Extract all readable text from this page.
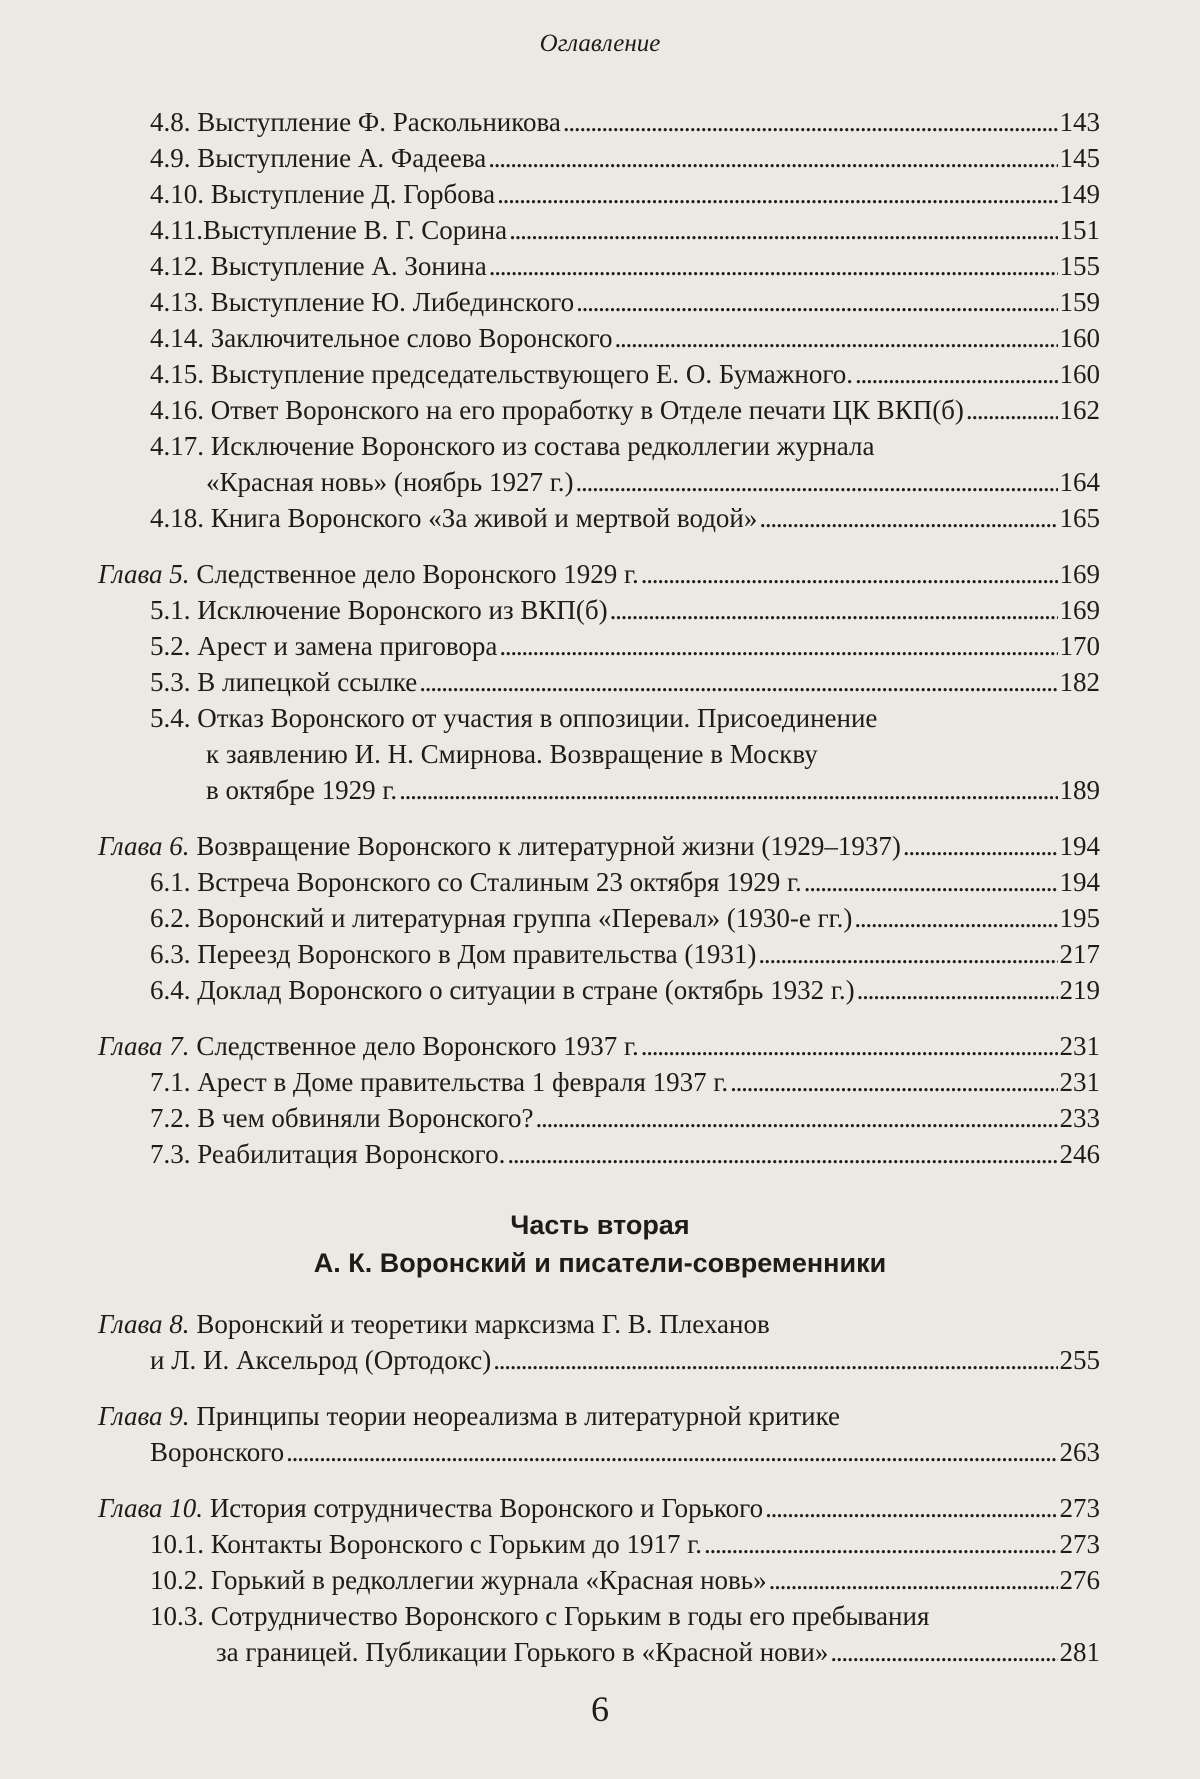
Оглавление
4.8. Выступление Ф. Раскольникова . . .	143
4.9. Выступление А. Фадеева . . .	145
4.10. Выступление Д. Горбова . . .	149
4.11.Выступление В. Г. Сорина . . .	151
4.12. Выступление А. Зонина . . .	155
4.13. Выступление Ю. Либединского . . .	159
4.14. Заключительное слово Воронского . . .	160
4.15. Выступление председательствующего Е. О. Бумажного. . . .	160
4.16. Ответ Воронского на его проработку в Отделе печати ЦК ВКП(б) . . .	162
4.17. Исключение Воронского из состава редколлегии журнала
«Красная новь» (ноябрь 1927 г.) . . .	164
4.18. Книга Воронского «За живой и мертвой водой» . . .	165
Глава 5. Следственное дело Воронского 1929 г. . . .	169
5.1. Исключение Воронского из ВКП(б) . . .	169
5.2. Арест и замена приговора . . .	170
5.3. В липецкой ссылке . . .	182
5.4. Отказ Воронского от участия в оппозиции. Присоединение
к заявлению И. Н. Смирнова. Возвращение в Москву
в октябре 1929 г. . . .	189
Глава 6. Возвращение Воронского к литературной жизни (1929–1937) . . .	194
6.1. Встреча Воронского со Сталиным 23 октября 1929 г. . . .	194
6.2. Воронский и литературная группа «Перевал» (1930-е гг.) . . .	195
6.3. Переезд Воронского в Дом правительства (1931) . . .	217
6.4. Доклад Воронского о ситуации в стране (октябрь 1932 г.) . . .	219
Глава 7. Следственное дело Воронского 1937 г. . . .	231
7.1. Арест в Доме правительства 1 февраля 1937 г. . . .	231
7.2. В чем обвиняли Воронского? . . .	233
7.3. Реабилитация Воронского. . . .	246
Часть вторая
А. К. Воронский и писатели-современники
Глава 8. Воронский и теоретики марксизма Г. В. Плеханов
и Л. И. Аксельрод (Ортодокс) . . .	255
Глава 9. Принципы теории неореализма в литературной критике
Воронского . . .	263
Глава 10. История сотрудничества Воронского и Горького . . .	273
10.1. Контакты Воронского с Горьким до 1917 г. . . .	273
10.2. Горький в редколлегии журнала «Красная новь» . . .	276
10.3. Сотрудничество Воронского с Горьким в годы его пребывания
за границей. Публикации Горького в «Красной нови» . . .	281
6
